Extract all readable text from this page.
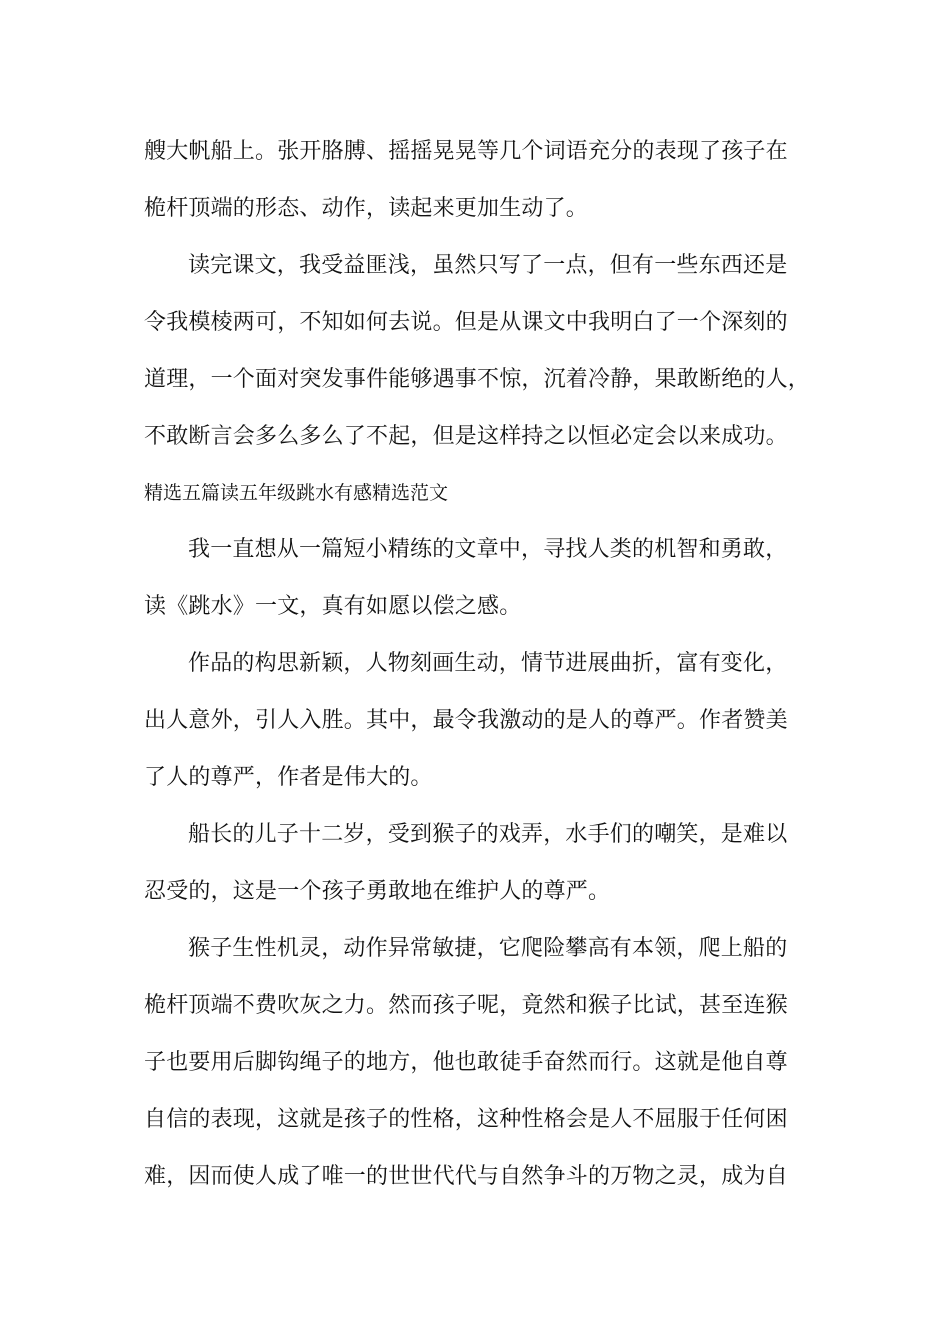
艘大帆船上。张开胳膊、摇摇晃晃等几个词语充分的表现了孩子在
桅杆顶端的形态、动作，读起来更加生动了。
读完课文，我受益匪浅，虽然只写了一点，但有一些东西还是
令我模棱两可，不知如何去说。但是从课文中我明白了一个深刻的
道理，一个面对突发事件能够遇事不惊，沉着冷静，果敢断绝的人，
不敢断言会多么多么了不起，但是这样持之以恒必定会以来成功。
精选五篇读五年级跳水有感精选范文
我一直想从一篇短小精练的文章中，寻找人类的机智和勇敢，
读《跳水》一文，真有如愿以偿之感。
作品的构思新颖，人物刻画生动，情节进展曲折，富有变化，
出人意外，引人入胜。其中，最令我激动的是人的尊严。作者赞美
了人的尊严，作者是伟大的。
船长的儿子十二岁，受到猴子的戏弄，水手们的嘲笑，是难以
忍受的，这是一个孩子勇敢地在维护人的尊严。
猴子生性机灵，动作异常敏捷，它爬险攀高有本领，爬上船的
桅杆顶端不费吹灰之力。然而孩子呢，竟然和猴子比试，甚至连猴
子也要用后脚钩绳子的地方，他也敢徒手奋然而行。这就是他自尊
自信的表现，这就是孩子的性格，这种性格会是人不屈服于任何困
难，因而使人成了唯一的世世代代与自然争斗的万物之灵，成为自
